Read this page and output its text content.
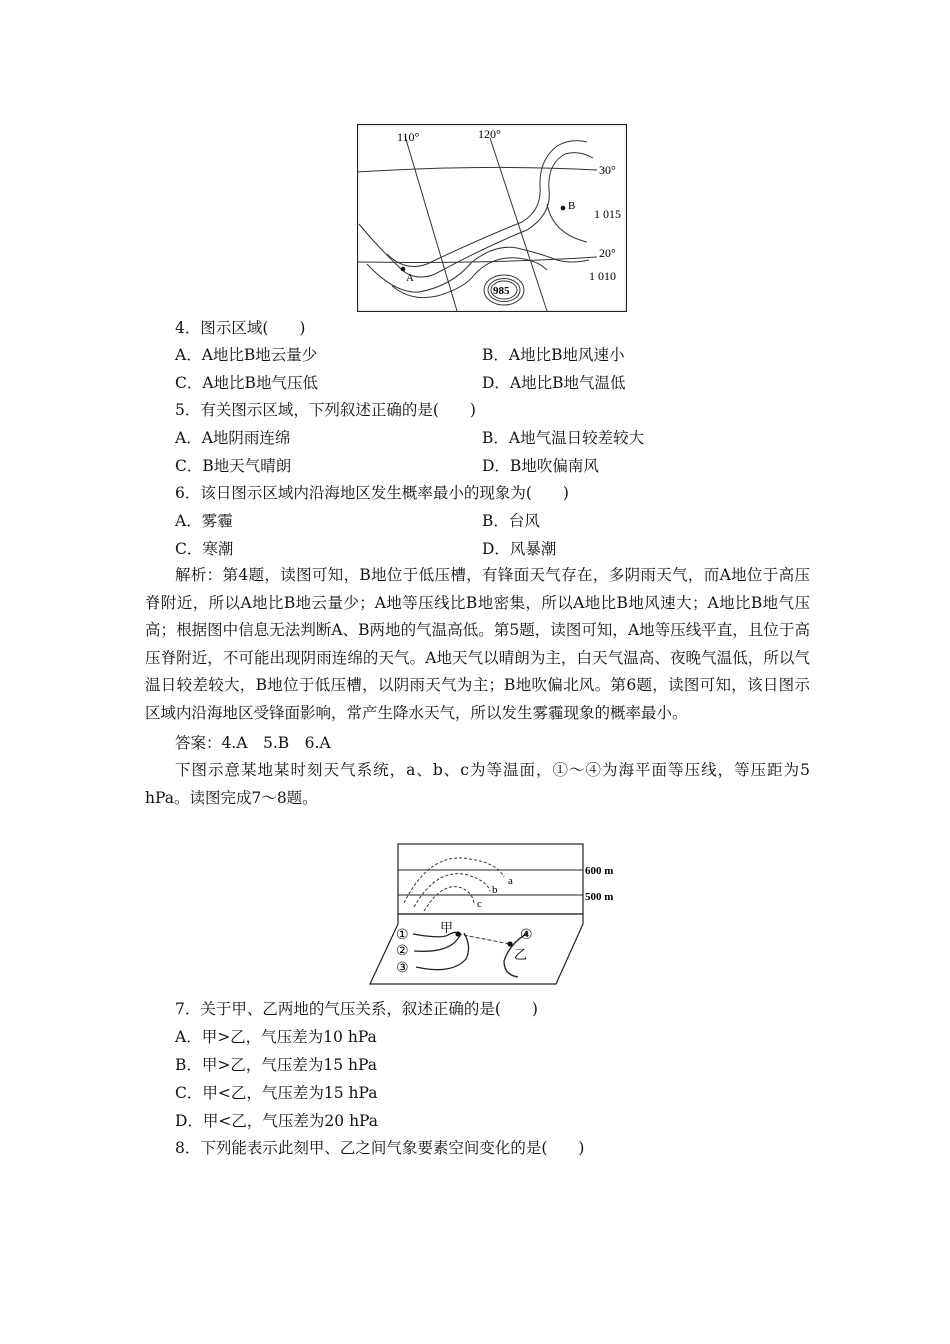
110°	120°
30°
20°
1 015
1 010
985
A
B
4．图示区域(　　)
A．A地比B地云量少	B．A地比B地风速小
C．A地比B地气压低	D．A地比B地气温低
5．有关图示区域，下列叙述正确的是(　　)
A．A地阴雨连绵	B．A地气温日较差较大
C．B地天气晴朗	D．B地吹偏南风
6．该日图示区域内沿海地区发生概率最小的现象为(　　)
A．雾霾	B．台风
C．寒潮	D．风暴潮
解析：第4题，读图可知，B地位于低压槽，有锋面天气存在，多阴雨天气，而A地位于高压脊附近，所以A地比B地云量少；A地等压线比B地密集，所以A地比B地风速大；A地比B地气压高；根据图中信息无法判断A、B两地的气温高低。第5题，读图可知，A地等压线平直，且位于高压脊附近，不可能出现阴雨连绵的天气。A地天气以晴朗为主，白天气温高、夜晚气温低，所以气温日较差较大，B地位于低压槽，以阴雨天气为主；B地吹偏北风。第6题，读图可知，该日图示区域内沿海地区受锋面影响，常产生降水天气，所以发生雾霾现象的概率最小。
答案：4.A　5.B　6.A
下图示意某地某时刻天气系统，a、b、c为等温面，①～④为海平面等压线，等压距为5 hPa。读图完成7～8题。
600 m
500 m
a
b
c
①
②
③
④
甲
乙
7．关于甲、乙两地的气压关系，叙述正确的是(　　)
A．甲>乙，气压差为10 hPa
B．甲>乙，气压差为15 hPa
C．甲<乙，气压差为15 hPa
D．甲<乙，气压差为20 hPa
8．下列能表示此刻甲、乙之间气象要素空间变化的是(　　)
